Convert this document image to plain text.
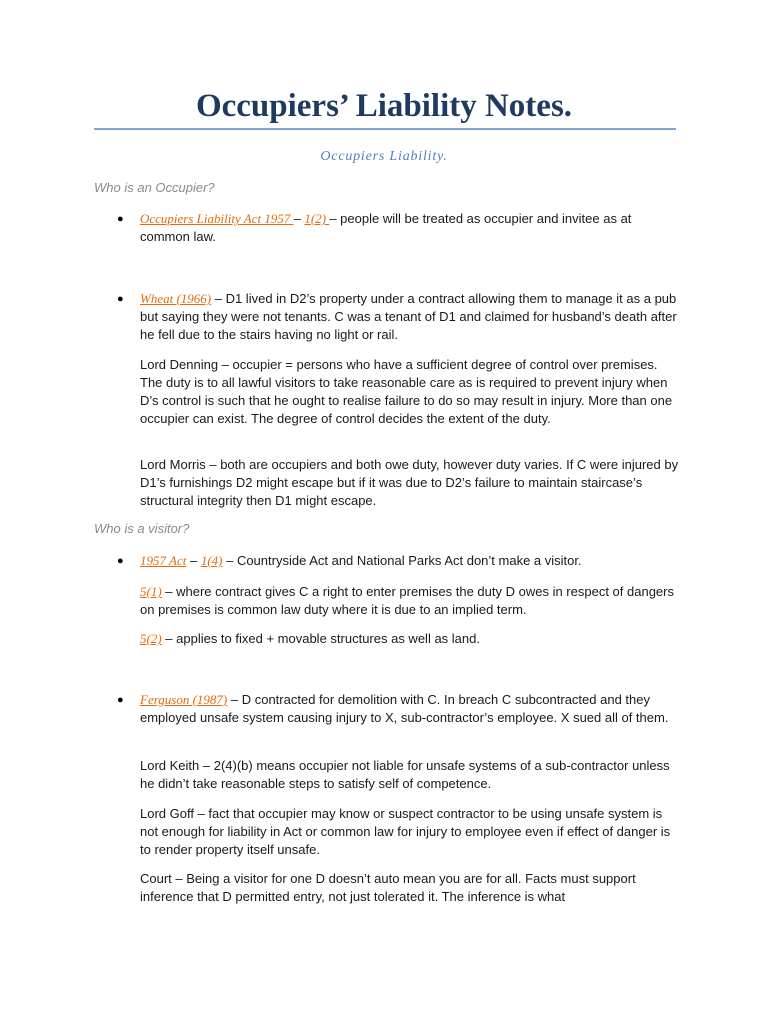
Occupiers’ Liability Notes.
Occupiers Liability.
Who is an Occupier?

● Occupiers Liability Act 1957 – 1(2) – people will be treated as occupier and invitee as at common law.

● Wheat (1966) – D1 lived in D2’s property under a contract allowing them to manage it as a pub but saying they were not tenants. C was a tenant of D1 and claimed for husband’s death after he fell due to the stairs having no light or rail.

Lord Denning – occupier = persons who have a sufficient degree of control over premises. The duty is to all lawful visitors to take reasonable care as is required to prevent injury when D’s control is such that he ought to realise failure to do so may result in injury. More than one occupier can exist. The degree of control decides the extent of the duty.

Lord Morris – both are occupiers and both owe duty, however duty varies. If C were injured by D1’s furnishings D2 might escape but if it was due to D2’s failure to maintain staircase’s structural integrity then D1 might escape.

Who is a visitor?

● 1957 Act – 1(4) – Countryside Act and National Parks Act don’t make a visitor.

5(1) – where contract gives C a right to enter premises the duty D owes in respect of dangers on premises is common law duty where it is due to an implied term.

5(2) – applies to fixed + movable structures as well as land.

● Ferguson (1987) – D contracted for demolition with C. In breach C subcontracted and they employed unsafe system causing injury to X, sub-contractor’s employee. X sued all of them.

Lord Keith – 2(4)(b) means occupier not liable for unsafe systems of a sub-contractor unless he didn’t take reasonable steps to satisfy self of competence.

Lord Goff – fact that occupier may know or suspect contractor to be using unsafe system is not enough for liability in Act or common law for injury to employee even if effect of danger is to render property itself unsafe.

Court – Being a visitor for one D doesn’t auto mean you are for all. Facts must support inference that D permitted entry, not just tolerated it. The inference is what
